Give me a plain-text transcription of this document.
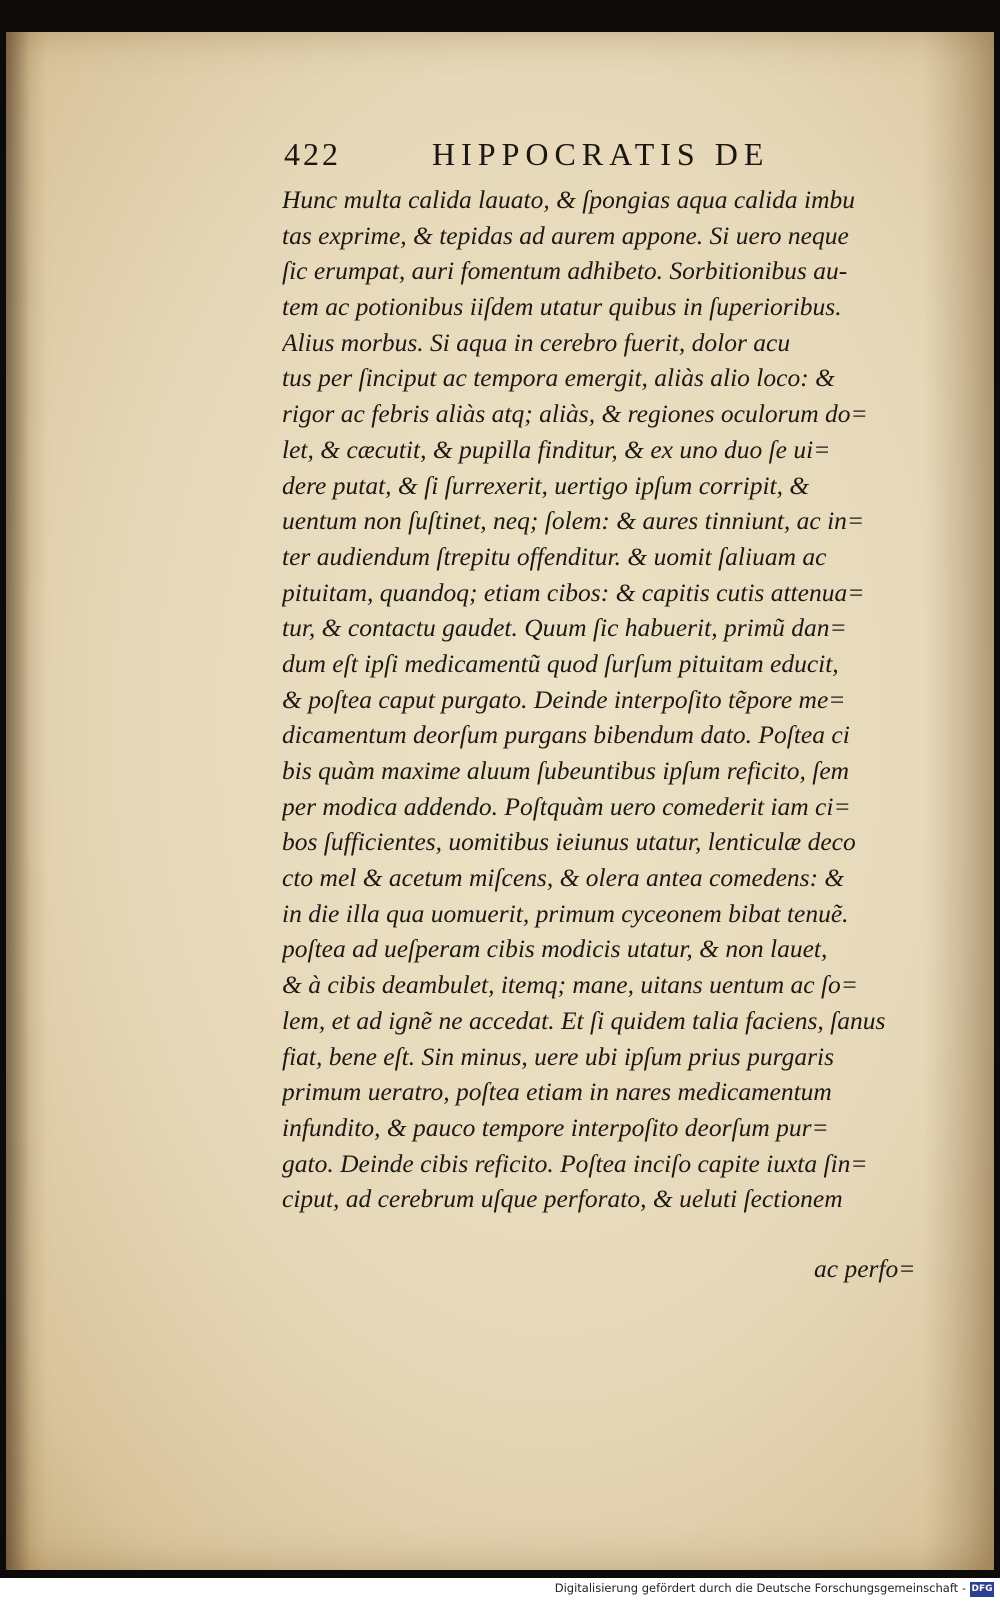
422	HIPPOCRATIS DE
Hunc multa calida lauato, & ſpongias aqua calida imbu
tas exprime, & tepidas ad aurem appone. Si uero neque
ſic erumpat, auri fomentum adhibeto. Sorbitionibus au-
tem ac potionibus iiſdem utatur quibus in ſuperioribus.
Alius morbus. Si aqua in cerebro fuerit, dolor acu
tus per ſinciput ac tempora emergit, aliàs alio loco: &
rigor ac febris aliàs atq; aliàs, & regiones oculorum do=
let, & cæcutit, & pupilla finditur, & ex uno duo ſe ui=
dere putat, & ſi ſurrexerit, uertigo ipſum corripit, &
uentum non ſuſtinet, neq; ſolem: & aures tinniunt, ac in=
ter audiendum ſtrepitu offenditur. & uomit ſaliuam ac
pituitam, quandoq; etiam cibos: & capitis cutis attenua=
tur, & contactu gaudet. Quum ſic habuerit, primũ dan=
dum eſt ipſi medicamentũ quod ſurſum pituitam educit,
& poſtea caput purgato. Deinde interpoſito tẽpore me=
dicamentum deorſum purgans bibendum dato. Poſtea ci
bis quàm maxime aluum ſubeuntibus ipſum reficito, ſem
per modica addendo. Poſtquàm uero comederit iam ci=
bos ſufficientes, uomitibus ieiunus utatur, lenticulæ deco
cto mel & acetum miſcens, & olera antea comedens: &
in die illa qua uomuerit, primum cyceonem bibat tenuẽ.
poſtea ad ueſperam cibis modicis utatur, & non lauet,
& à cibis deambulet, itemq; mane, uitans uentum ac ſo=
lem, et ad ignẽ ne accedat. Et ſi quidem talia faciens, ſanus
fiat, bene eſt. Sin minus, uere ubi ipſum prius purgaris
primum ueratro, poſtea etiam in nares medicamentum
infundito, & pauco tempore interpoſito deorſum pur=
gato. Deinde cibis reficito. Poſtea inciſo capite iuxta ſin=
ciput, ad cerebrum uſque perforato, & ueluti ſectionem
ac perfo=
Digitalisierung gefördert durch die Deutsche Forschungsgemeinschaft - DFG
